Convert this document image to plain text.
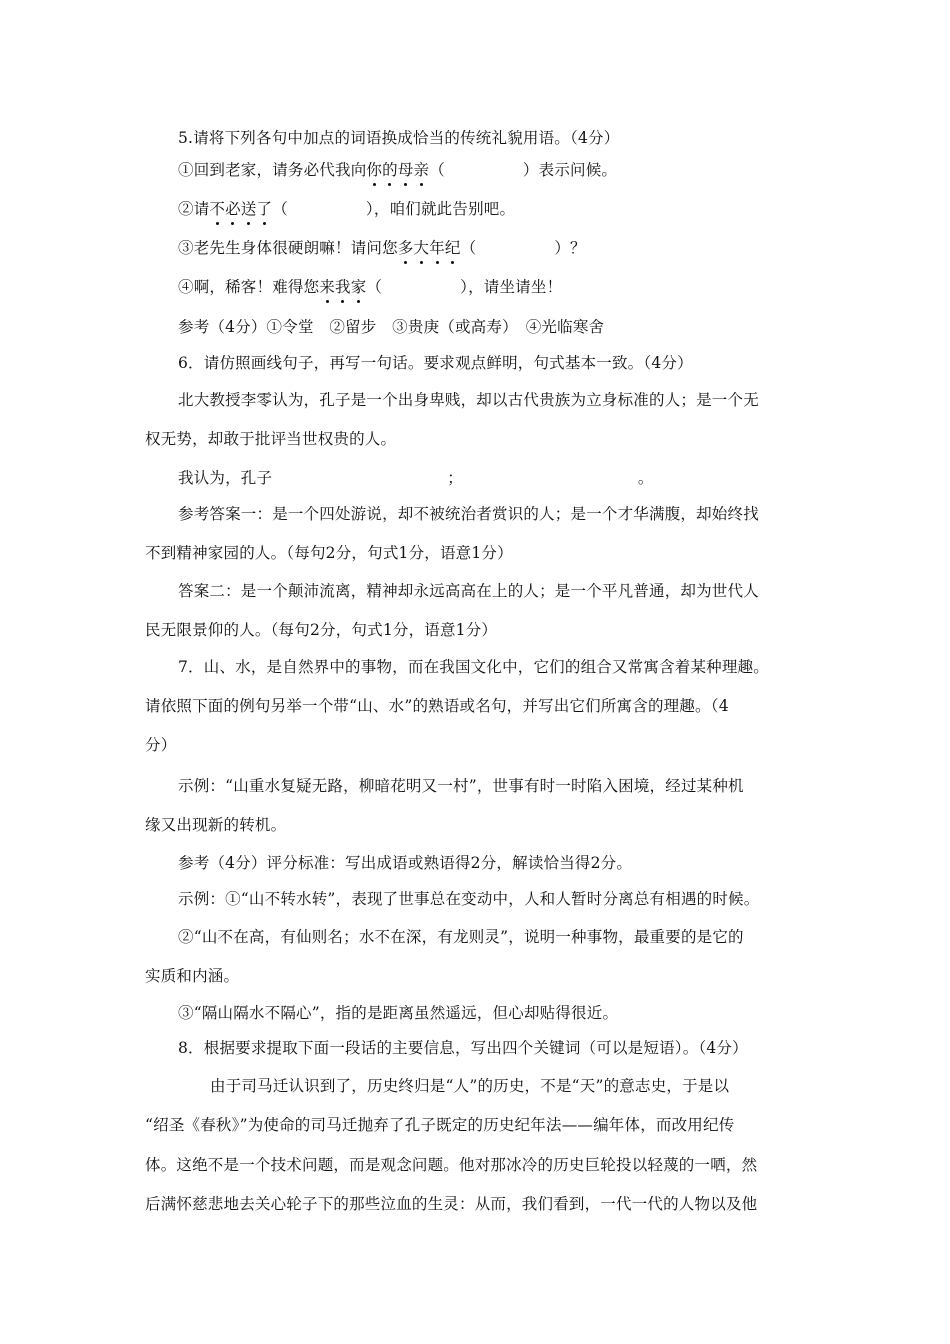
5.请将下列各句中加点的词语换成恰当的传统礼貌用语。（4分）
①回到老家，请务必代我向你的母亲（	）表示问候。
②请不必送了（	），咱们就此告别吧。
③老先生身体很硬朗嘛！请问您多大年纪（	）？
④啊，稀客！难得您来我家（	），请坐请坐！
参考（4分）①令堂　②留步　③贵庚（或高寿）　④光临寒舍
6．请仿照画线句子，再写一句话。要求观点鲜明，句式基本一致。（4分）
北大教授李零认为，孔子是一个出身卑贱，却以古代贵族为立身标准的人；是一个无
权无势，却敢于批评当世权贵的人。
我认为，孔子	；	。
参考答案一：是一个四处游说，却不被统治者赏识的人；是一个才华满腹，却始终找
不到精神家园的人。（每句2分，句式1分，语意1分）
答案二：是一个颠沛流离，精神却永远高高在上的人；是一个平凡普通，却为世代人
民无限景仰的人。（每句2分，句式1分，语意1分）
7．山、水，是自然界中的事物，而在我国文化中，它们的组合又常寓含着某种理趣。
请依照下面的例句另举一个带“山、水”的熟语或名句，并写出它们所寓含的理趣。（4
分）
示例：“山重水复疑无路，柳暗花明又一村”，世事有时一时陷入困境，经过某种机
缘又出现新的转机。
参考（4分）评分标准：写出成语或熟语得2分，解读恰当得2分。
示例：①“山不转水转”，表现了世事总在变动中，人和人暂时分离总有相遇的时候。
②“山不在高，有仙则名；水不在深，有龙则灵”，说明一种事物，最重要的是它的
实质和内涵。
③“隔山隔水不隔心”，指的是距离虽然遥远，但心却贴得很近。
8．根据要求提取下面一段话的主要信息，写出四个关键词（可以是短语）。（4分）
由于司马迁认识到了，历史终归是“人”的历史，不是“天”的意志史，于是以
“绍圣《春秋》”为使命的司马迁抛弃了孔子既定的历史纪年法——编年体，而改用纪传
体。这绝不是一个技术问题，而是观念问题。他对那冰冷的历史巨轮投以轻蔑的一哂，然
后满怀慈悲地去关心轮子下的那些泣血的生灵：从而，我们看到，一代一代的人物以及他
